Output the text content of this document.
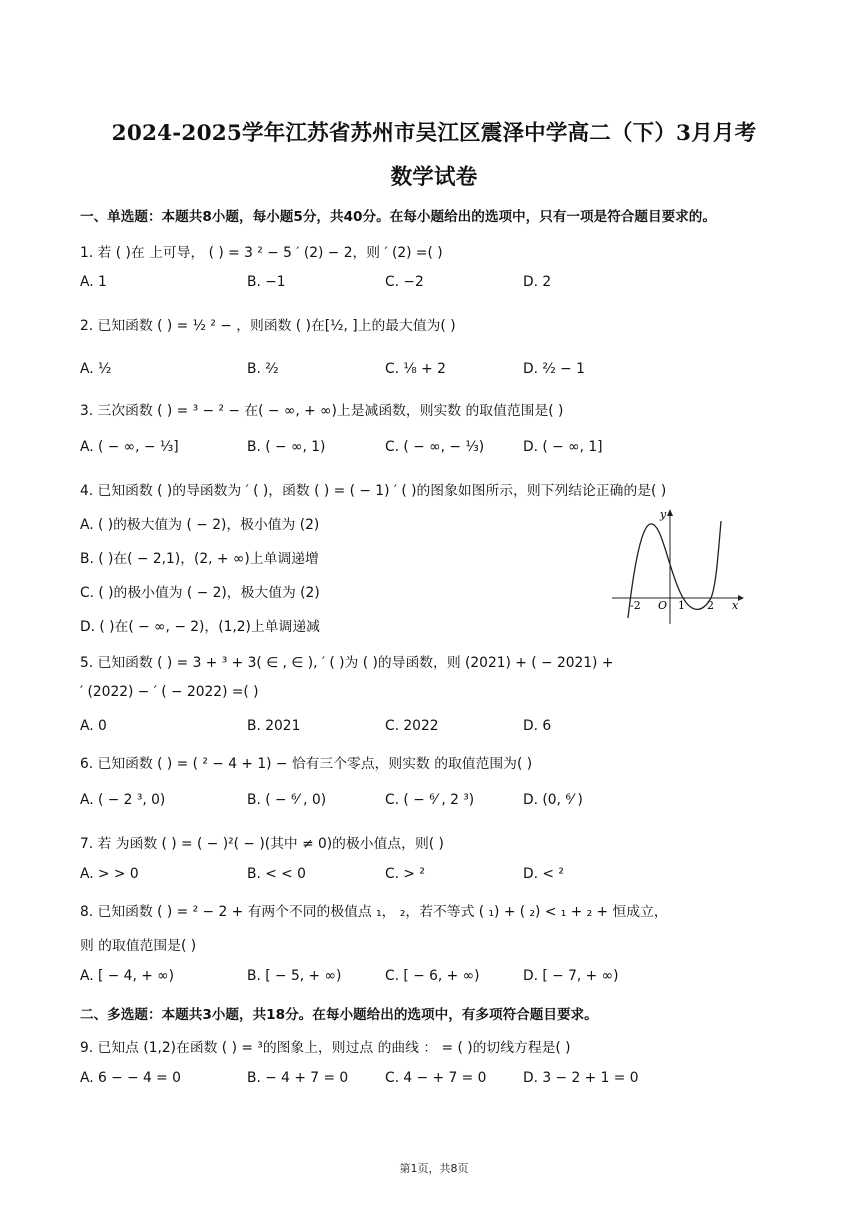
2024-2025学年江苏省苏州市吴江区震泽中学高二（下）3月月考
数学试卷
一、单选题：本题共8小题，每小题5分，共40分。在每小题给出的选项中，只有一项是符合题目要求的。
1. 若 ( )在 上可导， ( ) = 3 ² − 5 ′ (2) − 2，则 ′ (2) =( )
A. 1	B. −1	C. −2	D. 2
2. 已知函数 ( ) = ½ ² − ，则函数 ( )在[½, ]上的最大值为( )
A. ½	B. ²⁄₂	C. ⅛ + 2	D. ²⁄₂ − 1
3. 三次函数 ( ) = ³ − ² − 在( − ∞, + ∞)上是减函数，则实数 的取值范围是( )
A. ( − ∞, − ⅓]	B. ( − ∞, 1)	C. ( − ∞, − ⅓)	D. ( − ∞, 1]
4. 已知函数 ( )的导函数为 ′ ( )，函数 ( ) = ( − 1) ′ ( )的图象如图所示，则下列结论正确的是( )
A. ( )的极大值为 ( − 2)，极小值为 (2)
B. ( )在( − 2,1)，(2, + ∞)上单调递增
C. ( )的极小值为 ( − 2)，极大值为 (2)
D. ( )在( − ∞, − 2)，(1,2)上单调递减
y
x
O
-2	1 2
5. 已知函数 ( ) = 3 + ³ + 3( ∈ , ∈ ), ′ ( )为 ( )的导函数，则 (2021) + ( − 2021) +
′ (2022) − ′ ( − 2022) =( )
A. 0	B. 2021	C. 2022	D. 6
6. 已知函数 ( ) = ( ² − 4 + 1) − 恰有三个零点，则实数 的取值范围为( )
A. ( − 2 ³, 0)	B. ( − ⁶⁄ , 0)	C. ( − ⁶⁄ , 2 ³)	D. (0, ⁶⁄ )
7. 若 为函数 ( ) = ( − )²( − )(其中 ≠ 0)的极小值点，则( )
A. > > 0	B. < < 0	C. > ²	D. < ²
8. 已知函数 ( ) = ² − 2 + 有两个不同的极值点 ₁， ₂，若不等式 ( ₁) + ( ₂) < ₁ + ₂ + 恒成立，
则 的取值范围是( )
A. [ − 4, + ∞)	B. [ − 5, + ∞)	C. [ − 6, + ∞)	D. [ − 7, + ∞)
二、多选题：本题共3小题，共18分。在每小题给出的选项中，有多项符合题目要求。
9. 已知点 (1,2)在函数 ( ) = ³的图象上，则过点 的曲线 ： = ( )的切线方程是( )
A. 6 − − 4 = 0	B. − 4 + 7 = 0	C. 4 − + 7 = 0	D. 3 − 2 + 1 = 0
第1页，共8页
